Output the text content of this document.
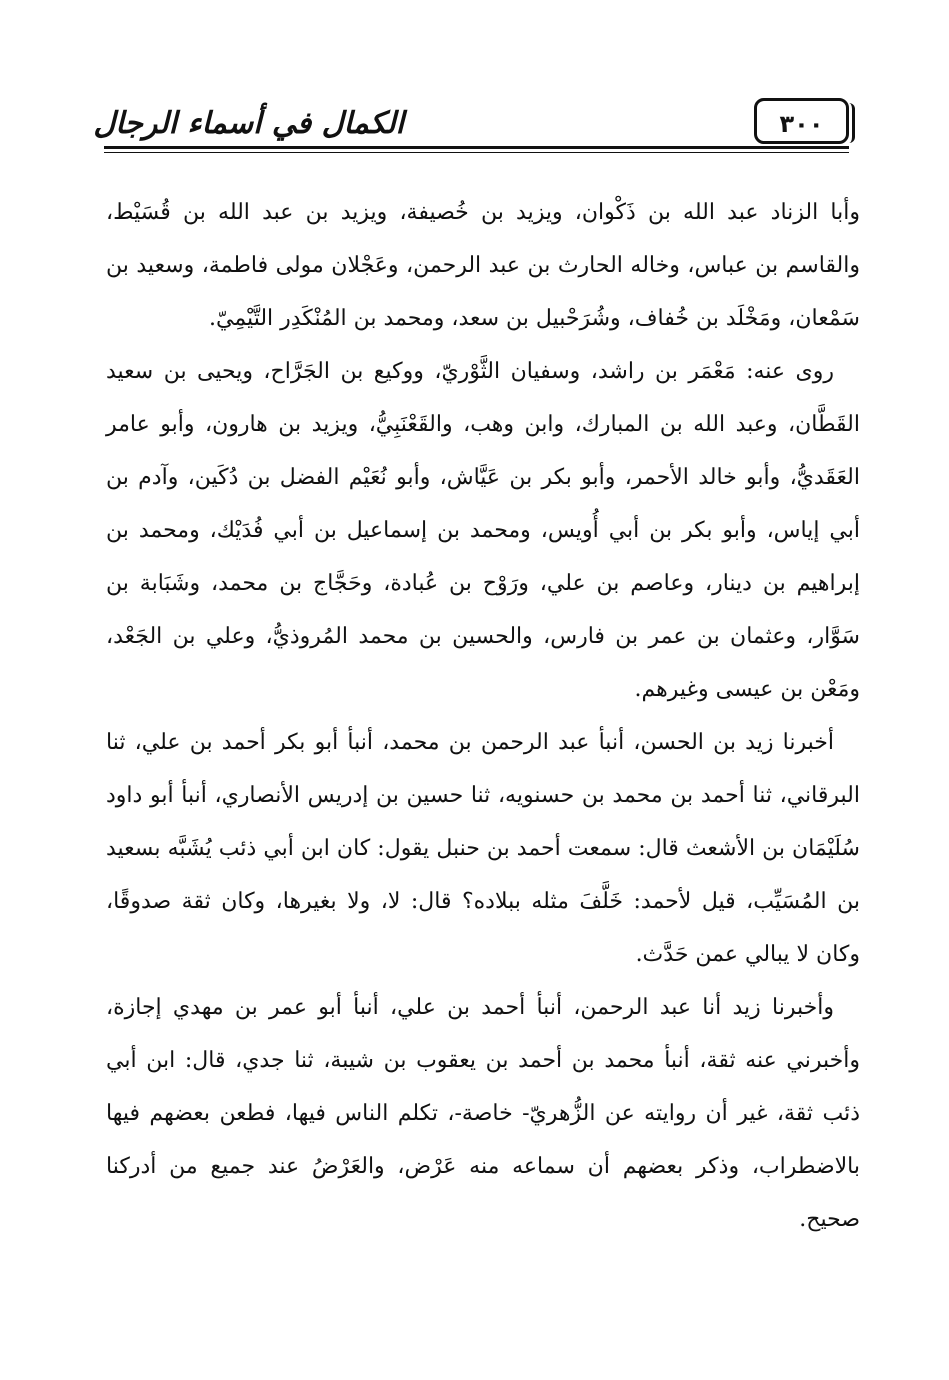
الكمال في أسماء الرجال	٣٠٠

وأبا الزناد عبد الله بن ذَكْوان، ويزيد بن خُصيفة، ويزيد بن عبد الله بن قُسَيْط، والقاسم بن عباس، وخاله الحارث بن عبد الرحمن، وعَجْلان مولى فاطمة، وسعيد بن سَمْعان، ومَخْلَد بن خُفاف، وشُرَحْبيل بن سعد، ومحمد بن المُنْكَدِر التَّيْمِيّ.

روى عنه: مَعْمَر بن راشد، وسفيان الثَّوْريّ، ووكيع بن الجَرَّاح، ويحيى بن سعيد القَطَّان، وعبد الله بن المبارك، وابن وهب، والقَعْنَبِيُّ، ويزيد بن هارون، وأبو عامر العَقَديُّ، وأبو خالد الأحمر، وأبو بكر بن عَيَّاش، وأبو نُعَيْم الفضل بن دُكَين، وآدم بن أبي إياس، وأبو بكر بن أبي أُويس، ومحمد بن إسماعيل بن أبي فُدَيْك، ومحمد بن إبراهيم بن دينار، وعاصم بن علي، ورَوْح بن عُبادة، وحَجَّاج بن محمد، وشَبَابة بن سَوَّار، وعثمان بن عمر بن فارس، والحسين بن محمد المُروذيُّ، وعلي بن الجَعْد، ومَعْن بن عيسى وغيرهم.

أخبرنا زيد بن الحسن، أنبأ عبد الرحمن بن محمد، أنبأ أبو بكر أحمد بن علي، ثنا البرقاني، ثنا أحمد بن محمد بن حسنويه، ثنا حسين بن إدريس الأنصاري، أنبأ أبو داود سُلَيْمَان بن الأشعث قال: سمعت أحمد بن حنبل يقول: كان ابن أبي ذئب يُشَبَّه بسعيد بن المُسَيِّب، قيل لأحمد: خَلَّفَ مثله ببلاده؟ قال: لا، ولا بغيرها، وكان ثقة صدوقًا، وكان لا يبالي عمن حَدَّث.

وأخبرنا زيد أنا عبد الرحمن، أنبأ أحمد بن علي، أنبأ أبو عمر بن مهدي إجازة، وأخبرني عنه ثقة، أنبأ محمد بن أحمد بن يعقوب بن شيبة، ثنا جدي، قال: ابن أبي ذئب ثقة، غير أن روايته عن الزُّهريّ- خاصة-، تكلم الناس فيها، فطعن بعضهم فيها بالاضطراب، وذكر بعضهم أن سماعه منه عَرْض، والعَرْضُ عند جميع من أدركنا صحيح.
